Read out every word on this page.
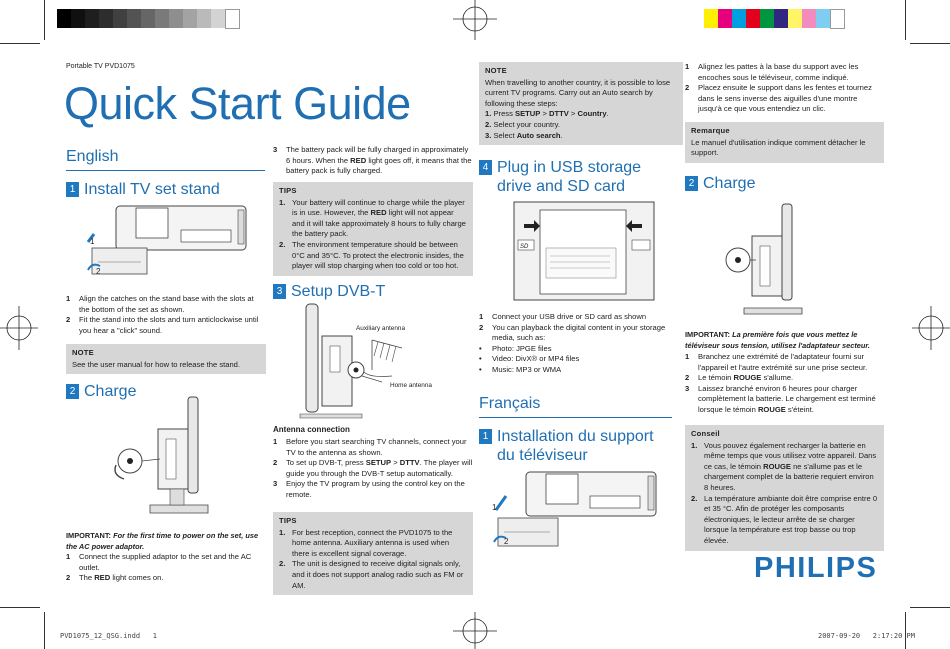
Portable TV PVD1075
Quick Start Guide
English
1 Install TV set stand
1
2
1 Align the catches on the stand base with the slots at the bottom of the set as shown.
2 Fit the stand into the slots and turn anticlockwise until you hear a "click" sound.
NOTE
See the user manual for how to release the stand.
2 Charge
IMPORTANT: For the first time to power on the set, use the AC power adaptor.
1 Connect the supplied adaptor to the set and the AC outlet.
2 The RED light comes on.
3 The battery pack will be fully charged in approximately 6 hours. When the RED light goes off, it means that the battery pack is fully charged.
TIPS
1. Your battery will continue to charge while the player is in use. However, the RED light will not appear and it will take approximately 8 hours to fully charge the battery pack.
2. The environment temperature should be between 0°C and 35°C. To protect the electronic insides, the player will stop charging when too cold or too hot.
3 Setup DVB-T
Auxiliary antenna
Home antenna
Antenna connection
1 Before you start searching TV channels, connect your TV to the antenna as shown.
2 To set up DVB-T, press SETUP > DTTV. The player will guide you through the DVB-T setup automatically.
3 Enjoy the TV program by using the control key on the remote.
TIPS
1. For best reception, connect the PVD1075 to the home antenna. Auxiliary antenna is used when there is excellent signal coverage.
2. The unit is designed to receive digital signals only, and it does not support analog radio such as FM or AM.
NOTE
When travelling to another country, it is possible to lose current TV programs. Carry out an Auto search by following these steps:
1. Press SETUP > DTTV > Country.
2. Select your country.
3. Select Auto search.
4 Plug in USB storage drive and SD card
SD
1 Connect your USB drive or SD card as shown
2 You can playback the digital content in your storage media, such as:
• Photo: JPGE files
• Video: DivX® or MP4 files
• Music: MP3 or WMA
Français
1 Installation du support du téléviseur
1
2
1 Alignez les pattes à la base du support avec les encoches sous le téléviseur, comme indiqué.
2 Placez ensuite le support dans les fentes et tournez dans le sens inverse des aiguilles d'une montre jusqu'à ce que vous entendiez un clic.
Remarque
Le manuel d'utilisation indique comment détacher le support.
2 Charge
IMPORTANT: La première fois que vous mettez le téléviseur sous tension, utilisez l'adaptateur secteur.
1 Branchez une extrémité de l'adaptateur fourni sur l'appareil et l'autre extrémité sur une prise secteur.
2 Le témoin ROUGE s'allume.
3 Laissez branché environ 6 heures pour charger complètement la batterie. Le chargement est terminé lorsque le témoin ROUGE s'éteint.
Conseil
1. Vous pouvez également recharger la batterie en même temps que vous utilisez votre appareil. Dans ce cas, le témoin ROUGE ne s'allume pas et le chargement complet de la batterie requiert environ 8 heures.
2. La température ambiante doit être comprise entre 0 et 35 °C. Afin de protéger les composants électroniques, le lecteur arrête de se charger lorsque la température est trop basse ou trop élevée.
PHILIPS
PVD1075_12_QSG.indd   1	2007-09-20   2:17:20 PM
